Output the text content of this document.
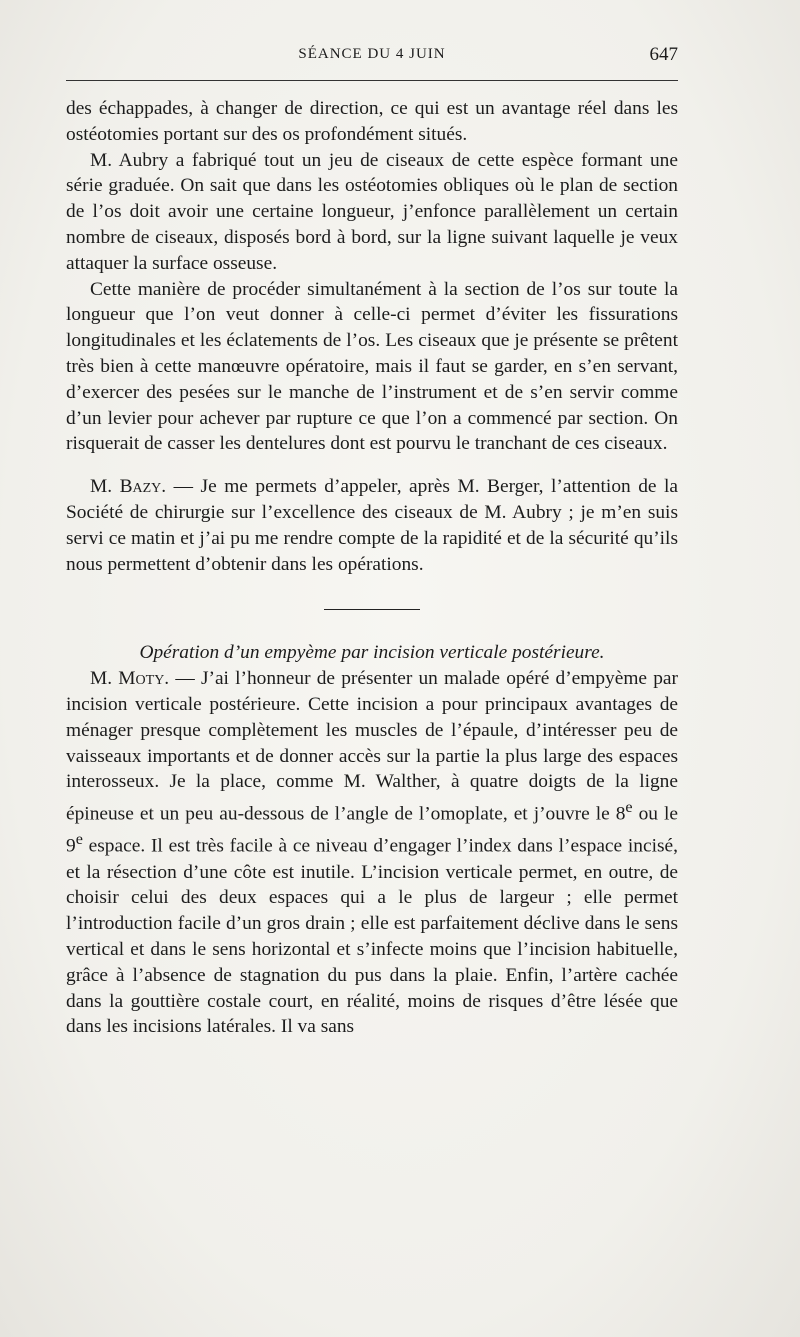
SÉANCE DU 4 JUIN	647

des échappades, à changer de direction, ce qui est un avantage réel dans les ostéotomies portant sur des os profondément situés.

M. Aubry a fabriqué tout un jeu de ciseaux de cette espèce formant une série graduée. On sait que dans les ostéotomies obliques où le plan de section de l’os doit avoir une certaine longueur, j’enfonce parallèlement un certain nombre de ciseaux, disposés bord à bord, sur la ligne suivant laquelle je veux attaquer la surface osseuse.

Cette manière de procéder simultanément à la section de l’os sur toute la longueur que l’on veut donner à celle-ci permet d’éviter les fissurations longitudinales et les éclatements de l’os. Les ciseaux que je présente se prêtent très bien à cette manœuvre opératoire, mais il faut se garder, en s’en servant, d’exercer des pesées sur le manche de l’instrument et de s’en servir comme d’un levier pour achever par rupture ce que l’on a commencé par section. On risquerait de casser les dentelures dont est pourvu le tranchant de ces ciseaux.

M. Bazy. — Je me permets d’appeler, après M. Berger, l’attention de la Société de chirurgie sur l’excellence des ciseaux de M. Aubry ; je m’en suis servi ce matin et j’ai pu me rendre compte de la rapidité et de la sécurité qu’ils nous permettent d’obtenir dans les opérations.

Opération d’un empyème par incision verticale postérieure.

M. Moty. — J’ai l’honneur de présenter un malade opéré d’empyème par incision verticale postérieure. Cette incision a pour principaux avantages de ménager presque complètement les muscles de l’épaule, d’intéresser peu de vaisseaux importants et de donner accès sur la partie la plus large des espaces interosseux. Je la place, comme M. Walther, à quatre doigts de la ligne épineuse et un peu au-dessous de l’angle de l’omoplate, et j’ouvre le 8e ou le 9e espace. Il est très facile à ce niveau d’engager l’index dans l’espace incisé, et la résection d’une côte est inutile. L’incision verticale permet, en outre, de choisir celui des deux espaces qui a le plus de largeur ; elle permet l’introduction facile d’un gros drain ; elle est parfaitement déclive dans le sens vertical et dans le sens horizontal et s’infecte moins que l’incision habituelle, grâce à l’absence de stagnation du pus dans la plaie. Enfin, l’artère cachée dans la gouttière costale court, en réalité, moins de risques d’être lésée que dans les incisions latérales. Il va sans
